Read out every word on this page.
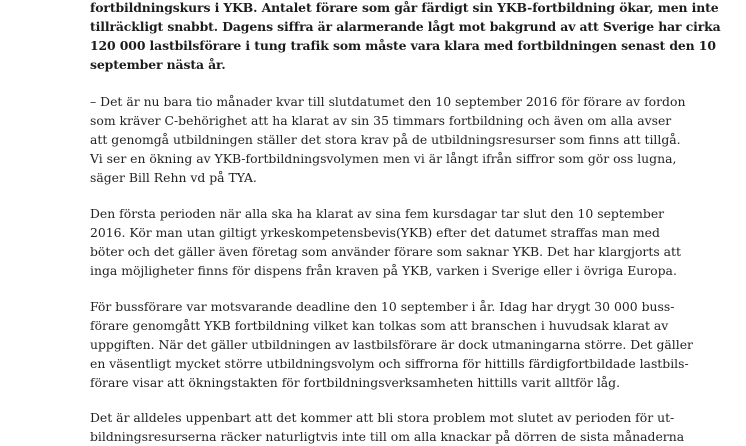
fortbildningskurs i YKB. Antalet förare som går färdigt sin YKB-fortbildning ökar, men inte
tillräckligt snabbt. Dagens siffra är alarmerande lågt mot bakgrund av att Sverige har cirka
120 000 lastbilsförare i tung trafik som måste vara klara med fortbildningen senast den 10
september nästa år.
– Det är nu bara tio månader kvar till slutdatumet den 10 september 2016 för förare av fordon
som kräver C-behörighet att ha klarat av sin 35 timmars fortbildning och även om alla avser
att genomgå utbildningen ställer det stora krav på de utbildningsresurser som finns att tillgå.
Vi ser en ökning av YKB-fortbildningsvolymen men vi är långt ifrån siffror som gör oss lugna,
säger Bill Rehn vd på TYA.
Den första perioden när alla ska ha klarat av sina fem kursdagar tar slut den 10 september
2016. Kör man utan giltigt yrkeskompetensbevis(YKB) efter det datumet straffas man med
böter och det gäller även företag som använder förare som saknar YKB. Det har klargjorts att
inga möjligheter finns för dispens från kraven på YKB, varken i Sverige eller i övriga Europa.
För bussförare var motsvarande deadline den 10 september i år. Idag har drygt 30 000 buss-
förare genomgått YKB fortbildning vilket kan tolkas som att branschen i huvudsak klarat av
uppgiften. När det gäller utbildningen av lastbilsförare är dock utmaningarna större. Det gäller
en väsentligt mycket större utbildningsvolym och siffrorna för hittills färdigfortbildade lastbils-
förare visar att ökningstakten för fortbildningsverksamheten hittills varit alltför låg.
Det är alldeles uppenbart att det kommer att bli stora problem mot slutet av perioden för ut-
bildningsresurserna räcker naturligtvis inte till om alla knackar på dörren de sista månaderna
